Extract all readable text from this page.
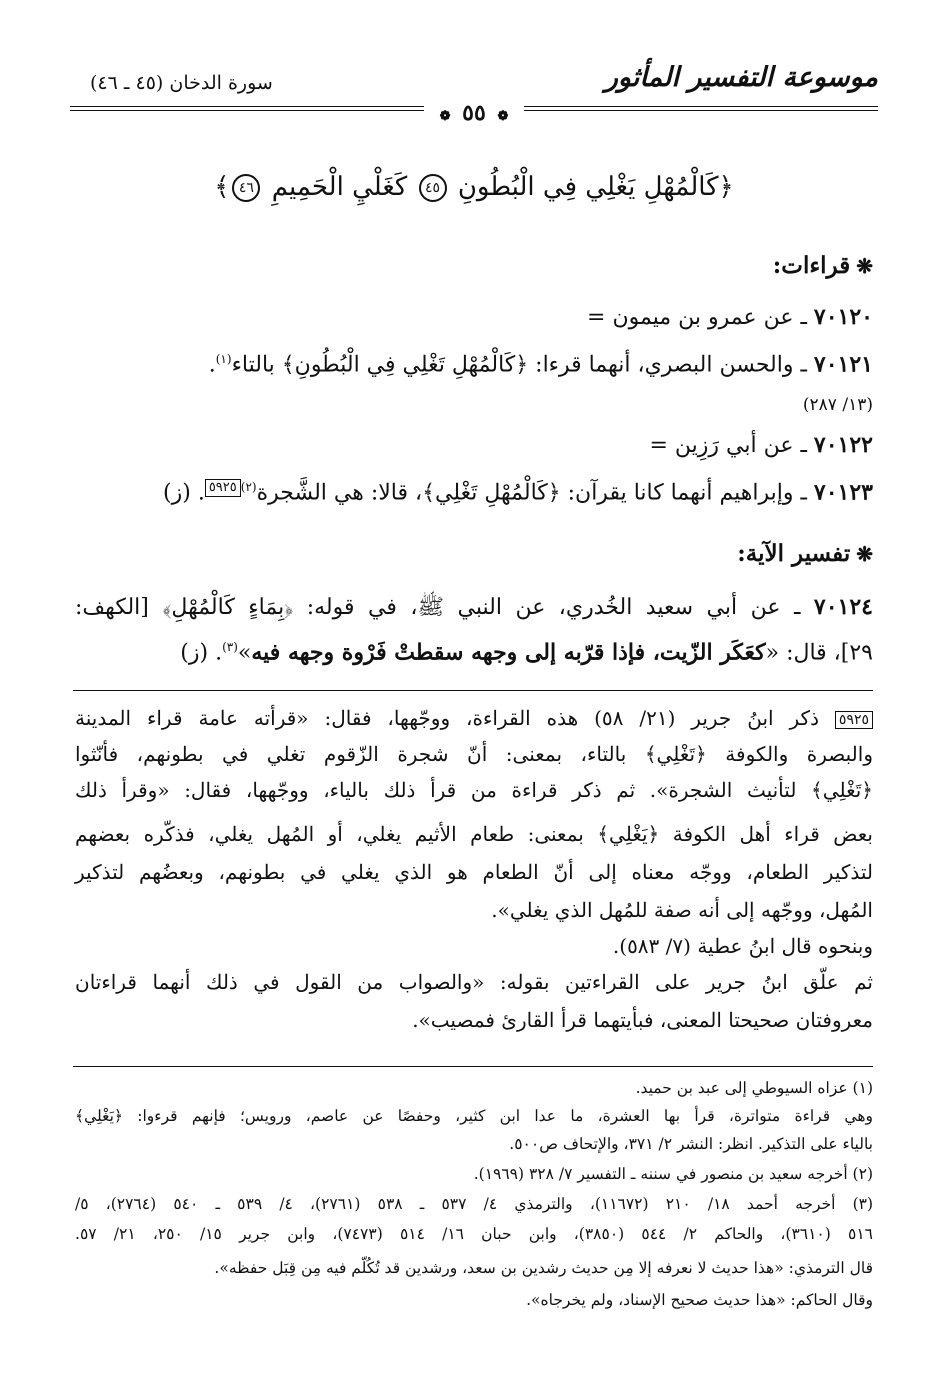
موسوعة التفسير المأثور
سورة الدخان (٤٥ ـ ٤٦)
❁ ٥٥ ❁
﴿كَالْمُهْلِ يَغْلِي فِي الْبُطُونِ ٤٥ كَغَلْيِ الْحَمِيمِ ٤٦﴾
❋قراءات:
٧٠١٢٠ ـ عن عمرو بن ميمون =
٧٠١٢١ ـ والحسن البصري، أنهما قرءا: ﴿كَالْمُهْلِ تَغْلِي فِي الْبُطُونِ﴾ بالتاء$^{(١)}$.
(١٣/ ٢٨٧)
٧٠١٢٢ ـ عن أبي رَزِين =
٧٠١٢٣ ـ وإبراهيم أنهما كانا يقرآن: ﴿كَالْمُهْلِ تَغْلِي﴾، قالا: هي الشَّجرة$^{(٢)}$٥٩٢٥. (ز)
❋تفسير الآية:
٧٠١٢٤ ـ عن أبي سعيد الخُدري، عن النبي ﷺ، في قوله: ﴿بِمَاءٍ كَالْمُهْلِ﴾ [الكهف:
٢٩]، قال: «كعَكَر الزّيت، فإذا قرّبه إلى وجهه سقطتْ فَرْوة وجهه فيه»$^{(٣)}$. (ز)
٥٩٢٥ ذكر ابنُ جرير (٢١/ ٥٨) هذه القراءة، ووجّهها، فقال: «قرأته عامة قراء المدينة
والبصرة والكوفة ﴿تَغْلِي﴾ بالتاء، بمعنى: أنّ شجرة الزّقوم تغلي في بطونهم، فأنّثوا
﴿تَغْلِي﴾ لتأنيث الشجرة». ثم ذكر قراءة من قرأ ذلك بالياء، ووجّهها، فقال: «وقرأ ذلك
بعض قراء أهل الكوفة ﴿يَغْلِي﴾ بمعنى: طعام الأثيم يغلي، أو المُهل يغلي، فذكّره بعضهم
لتذكير الطعام، ووجّه معناه إلى أنّ الطعام هو الذي يغلي في بطونهم، وبعضُهم لتذكير
المُهل، ووجّهه إلى أنه صفة للمُهل الذي يغلي».
وبنحوه قال ابنُ عطية (٧/ ٥٨٣).
ثم علّق ابنُ جرير على القراءتين بقوله: «والصواب من القول في ذلك أنهما قراءتان
معروفتان صحيحتا المعنى، فبأيتهما قرأ القارئ فمصيب».
(١) عزاه السيوطي إلى عبد بن حميد.
وهي قراءة متواترة، قرأ بها العشرة، ما عدا ابن كثير، وحفصًا عن عاصم، ورويس؛ فإنهم قرءوا: ﴿يَغْلِي﴾
بالياء على التذكير. انظر: النشر ٢/ ٣٧١، والإتحاف ص٥٠٠.
(٢) أخرجه سعيد بن منصور في سننه ـ التفسير ٧/ ٣٢٨ (١٩٦٩).
(٣) أخرجه أحمد ١٨/ ٢١٠ (١١٦٧٢)، والترمذي ٤/ ٥٣٧ ـ ٥٣٨ (٢٧٦١)، ٤/ ٥٣٩ ـ ٥٤٠ (٢٧٦٤)، ٥/
٥١٦ (٣٦١٠)، والحاكم ٢/ ٥٤٤ (٣٨٥٠)، وابن حبان ١٦/ ٥١٤ (٧٤٧٣)، وابن جرير ١٥/ ٢٥٠، ٢١/ ٥٧.
قال الترمذي: «هذا حديث لا نعرفه إلا مِن حديث رشدين بن سعد، ورشدين قد تُكُلّم فيه مِن قِبَل حفظه».
وقال الحاكم: «هذا حديث صحيح الإسناد، ولم يخرجاه».
